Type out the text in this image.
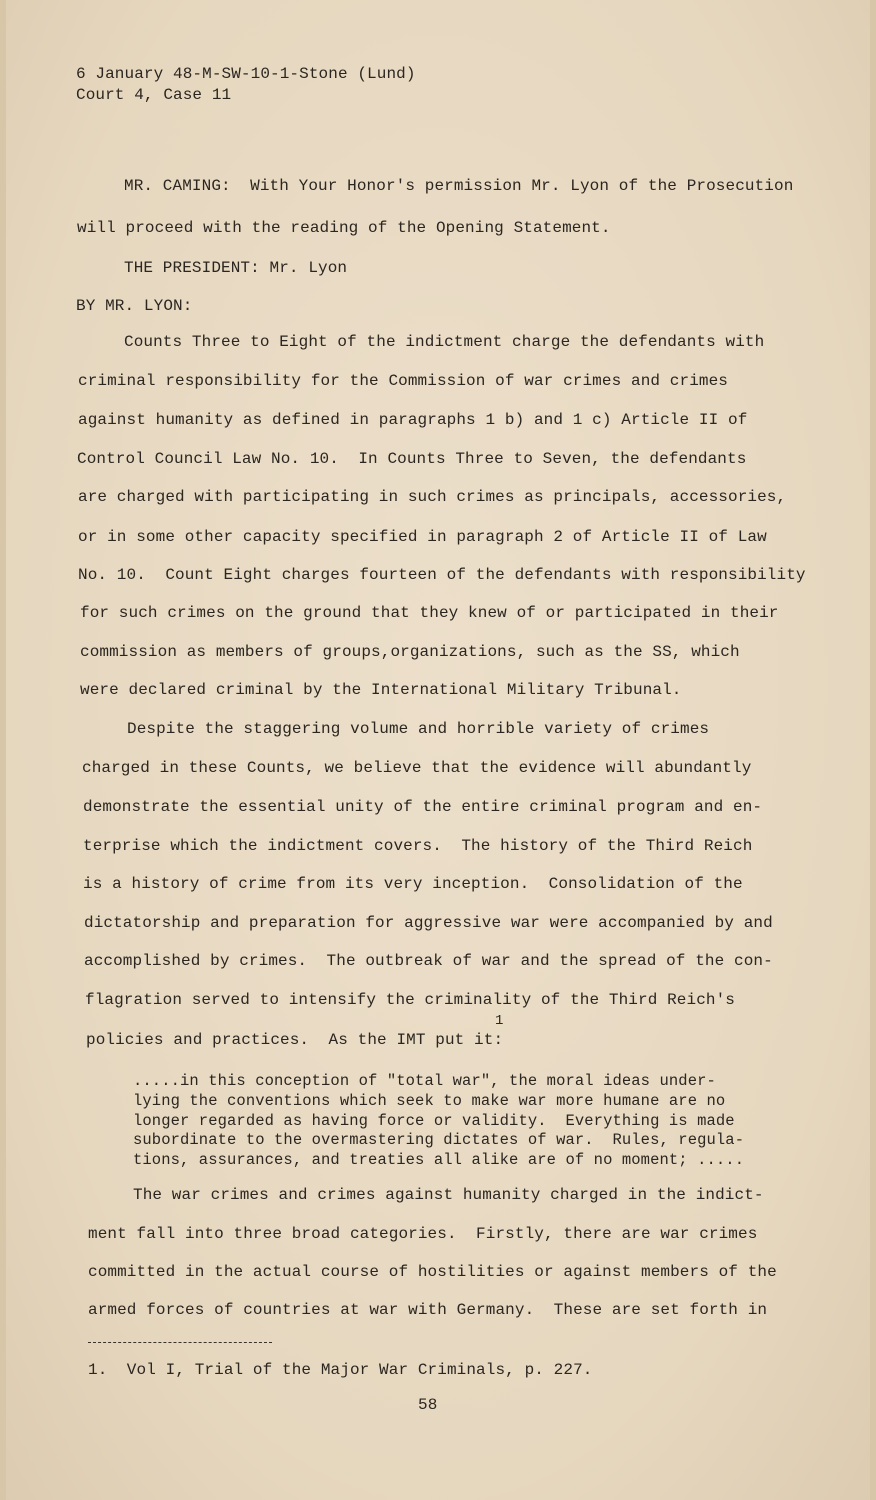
6 January 48-M-SW-10-1-Stone (Lund)
Court 4, Case 11
MR. CAMING:  With Your Honor's permission Mr. Lyon of the Prosecution
will proceed with the reading of the Opening Statement.
THE PRESIDENT: Mr. Lyon
BY MR. LYON:
Counts Three to Eight of the indictment charge the defendants with
criminal responsibility for the Commission of war crimes and crimes
against humanity as defined in paragraphs 1 b) and 1 c) Article II of
Control Council Law No. 10.  In Counts Three to Seven, the defendants
are charged with participating in such crimes as principals, accessories,
or in some other capacity specified in paragraph 2 of Article II of Law
No. 10.  Count Eight charges fourteen of the defendants with responsibility
for such crimes on the ground that they knew of or participated in their
commission as members of groups,organizations, such as the SS, which
were declared criminal by the International Military Tribunal.
Despite the staggering volume and horrible variety of crimes
charged in these Counts, we believe that the evidence will abundantly
demonstrate the essential unity of the entire criminal program and en-
terprise which the indictment covers.  The history of the Third Reich
is a history of crime from its very inception.  Consolidation of the
dictatorship and preparation for aggressive war were accompanied by and
accomplished by crimes.  The outbreak of war and the spread of the con-
flagration served to intensify the criminality of the Third Reich's
policies and practices.  As the IMT put it:
1
.....in this conception of "total war", the moral ideas under-
lying the conventions which seek to make war more humane are no
longer regarded as having force or validity.  Everything is made
subordinate to the overmastering dictates of war.  Rules, regula-
tions, assurances, and treaties all alike are of no moment; .....
The war crimes and crimes against humanity charged in the indict-
ment fall into three broad categories.  Firstly, there are war crimes
committed in the actual course of hostilities or against members of the
armed forces of countries at war with Germany.  These are set forth in
1.  Vol I, Trial of the Major War Criminals, p. 227.
58
